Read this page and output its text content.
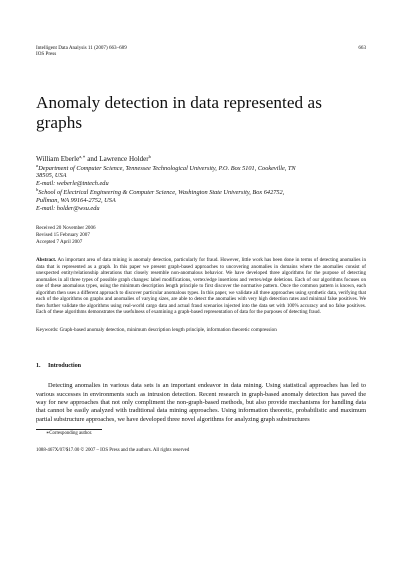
Intelligent Data Analysis 11 (2007) 663–689
IOS Press
663
Anomaly detection in data represented as graphs
William Eberle$^{a,∗}$ and Lawrence Holder$^b$
$^a$Department of Computer Science, Tennessee Technological University, P.O. Box 5101, Cookeville, TN
38505, USA
E-mail: weberle@tntech.edu
$^b$School of Electrical Engineering & Computer Science, Washington State University, Box 642752,
Pullman, WA 99164-2752, USA
E-mail: holder@wsu.edu
Received 20 November 2006
Revised 15 February 2007
Accepted 7 April 2007
Abstract. An important area of data mining is anomaly detection, particularly for fraud. However, little work has been done in terms of detecting anomalies in data that is represented as a graph. In this paper we present graph-based approaches to uncovering anomalies in domains where the anomalies consist of unexpected entity/relationship alterations that closely resemble non-anomalous behavior. We have developed three algorithms for the purpose of detecting anomalies in all three types of possible graph changes: label modifications, vertex/edge insertions and vertex/edge deletions. Each of our algorithms focuses on one of these anomalous types, using the minimum description length principle to first discover the normative pattern. Once the common pattern is known, each algorithm then uses a different approach to discover particular anomalous types. In this paper, we validate all three approaches using synthetic data, verifying that each of the algorithms on graphs and anomalies of varying sizes, are able to detect the anomalies with very high detection rates and minimal false positives. We then further validate the algorithms using real-world cargo data and actual fraud scenarios injected into the data set with 100% accuracy and no false positives. Each of these algorithms demonstrates the usefulness of examining a graph-based representation of data for the purposes of detecting fraud.
Keywords: Graph-based anomaly detection, minimum description length principle, information theoretic compression
1. Introduction
Detecting anomalies in various data sets is an important endeavor in data mining. Using statistical approaches has led to various successes in environments such as intrusion detection. Recent research in graph-based anomaly detection has paved the way for new approaches that not only compliment the non-graph-based methods, but also provide mechanisms for handling data that cannot be easily analyzed with traditional data mining approaches. Using information theoretic, probabilistic and maximum partial substructure approaches, we have developed three novel algorithms for analyzing graph substructures
∗Corresponding author.
1088-467X/07/$17.00 © 2007 – IOS Press and the authors. All rights reserved
